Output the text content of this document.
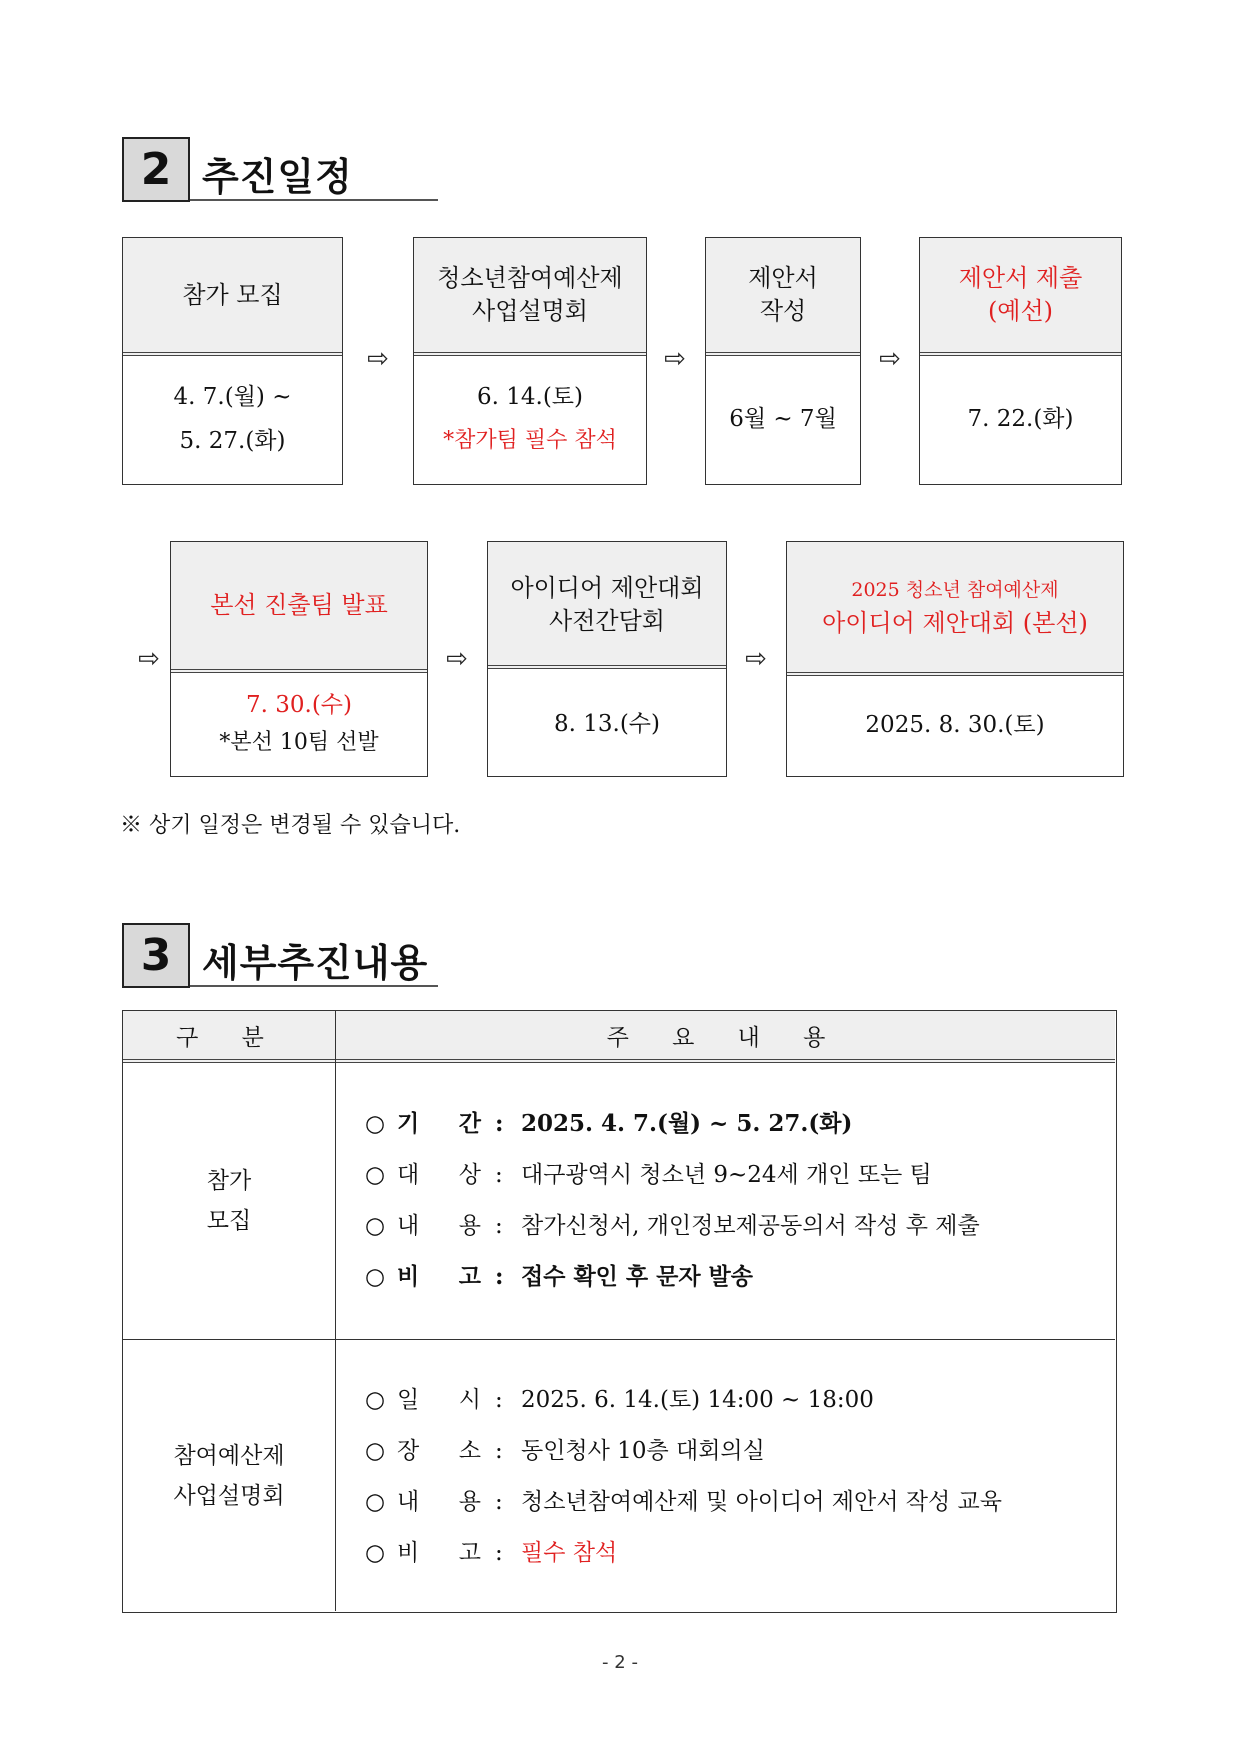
2 추진일정
참가 모집
4. 7.(월) ~
5. 27.(화)
⇨
청소년참여예산제
사업설명회
6. 14.(토)
*참가팀 필수 참석
⇨
제안서
작성
6월 ~ 7월
⇨
제안서 제출
(예선)
7. 22.(화)
⇨
본선 진출팀 발표
7. 30.(수)
*본선 10팀 선발
⇨
아이디어 제안대회
사전간담회
8. 13.(수)
⇨
2025 청소년 참여예산제
아이디어 제안대회 (본선)
2025. 8. 30.(토)
※ 상기 일정은 변경될 수 있습니다.
3 세부추진내용
구 분	주 요 내 용
참가
모집
○ 기 간 : 2025. 4. 7.(월) ~ 5. 27.(화)
○ 대 상 : 대구광역시 청소년 9~24세 개인 또는 팀
○ 내 용 : 참가신청서, 개인정보제공동의서 작성 후 제출
○ 비 고 : 접수 확인 후 문자 발송
참여예산제
사업설명회
○ 일 시 : 2025. 6. 14.(토) 14:00 ~ 18:00
○ 장 소 : 동인청사 10층 대회의실
○ 내 용 : 청소년참여예산제 및 아이디어 제안서 작성 교육
○ 비 고 : 필수 참석
- 2 -
